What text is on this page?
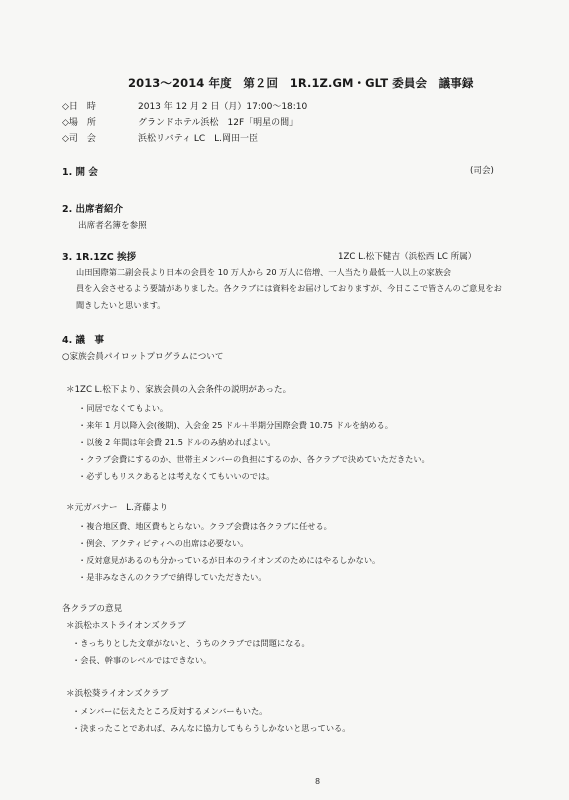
2013～2014 年度　第２回　1R.1Z.GM・GLT 委員会　議事録
◇日　時	2013 年 12 月 2 日（月）17:00～18:10
◇場　所	グランドホテル浜松　12F「明星の間」
◇司　会	浜松リバティ LC　L.岡田一臣
1. 開 会	(司会)
2. 出席者紹介
出席者名簿を参照
3. 1R.1ZC 挨拶	1ZC L.松下健吉（浜松西 LC 所属）
山田国際第二副会長より日本の会員を 10 万人から 20 万人に倍増、一人当たり最低一人以上の家族会
員を入会させるよう要請がありました。各クラブには資料をお届けしておりますが、今日ここで皆さんのご意見をお
聞きしたいと思います。
4. 議　事
○家族会員パイロットプログラムについて
＊1ZC L.松下より、家族会員の入会条件の説明があった。
・同居でなくてもよい。
・来年 1 月以降入会(後期)、入会金 25 ドル＋半期分国際会費 10.75 ドルを納める。
・以後 2 年間は年会費 21.5 ドルのみ納めればよい。
・クラブ会費にするのか、世帯主メンバーの負担にするのか、各クラブで決めていただきたい。
・必ずしもリスクあるとは考えなくてもいいのでは。
＊元ガバナー　L.斉藤より
・複合地区費、地区費もとらない。クラブ会費は各クラブに任せる。
・例会、アクティビティへの出席は必要ない。
・反対意見があるのも分かっているが日本のライオンズのためにはやるしかない。
・是非みなさんのクラブで納得していただきたい。
各クラブの意見
＊浜松ホストライオンズクラブ
・きっちりとした文章がないと、うちのクラブでは問題になる。
・会長、幹事のレベルではできない。
＊浜松葵ライオンズクラブ
・メンバーに伝えたところ反対するメンバーもいた。
・決まったことであれば、みんなに協力してもらうしかないと思っている。
8
